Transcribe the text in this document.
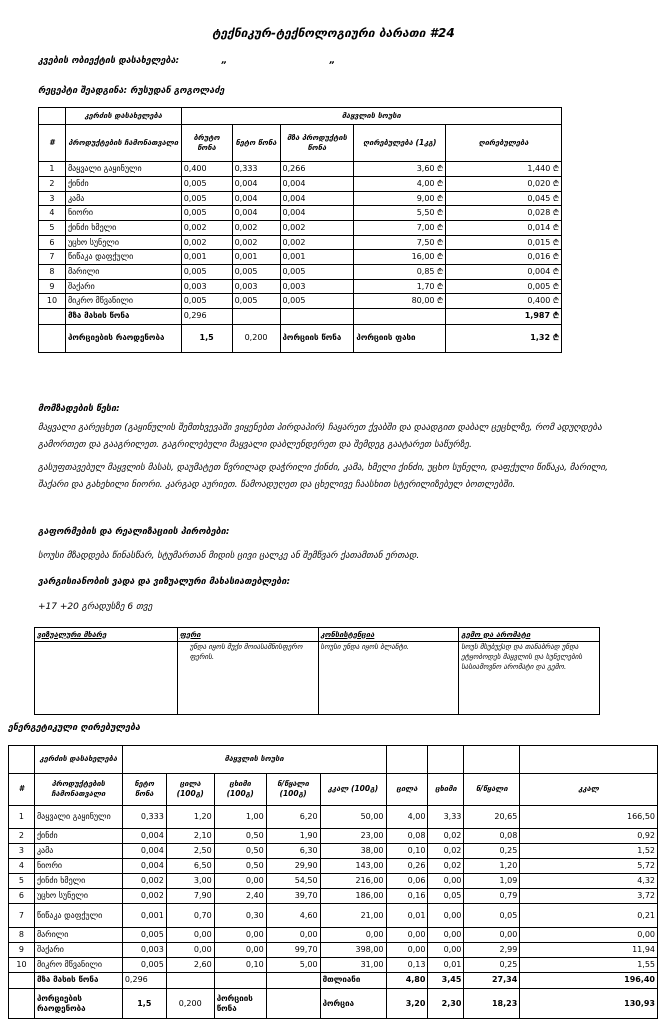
ტექნიკურ-ტექნოლოგიური ბარათი #24
კვების ობიექტის დასახელება:	„	„
რეცეპტი შეადგინა: რუსუდან გოგოლაძე
	კერძის დასახელება	მაყვლის სოუსი				
#	პროდუქტების ჩამონათვალი	ბრუტო წონა	ნეტო წონა	მზა პროდუქტის წონა	ღირებულება (1კგ)	ღირებულება
1	მაყვალი გაყინული	0,400	0,333	0,266	3,60 ₾	1,440 ₾
2	ქინძი	0,005	0,004	0,004	4,00 ₾	0,020 ₾
3	კამა	0,005	0,004	0,004	9,00 ₾	0,045 ₾
4	ნიორი	0,005	0,004	0,004	5,50 ₾	0,028 ₾
5	ქინძი ხმელი	0,002	0,002	0,002	7,00 ₾	0,014 ₾
6	უცხო სუნელი	0,002	0,002	0,002	7,50 ₾	0,015 ₾
7	წიწაკა დაფქული	0,001	0,001	0,001	16,00 ₾	0,016 ₾
8	მარილი	0,005	0,005	0,005	0,85 ₾	0,004 ₾
9	შაქარი	0,003	0,003	0,003	1,70 ₾	0,005 ₾
10	მიკრო მწვანილი	0,005	0,005	0,005	80,00 ₾	0,400 ₾
	მზა მასის წონა	0,296				1,987 ₾
	პორციების რაოდენობა	1,5	0,200	პორციის წონა	პორციის ფასი	1,32 ₾
მომზადების წესი:
მაყვალი გარეცხეთ (გაყინულის შემთხვევაში ვიყენებთ პირდაპირ) ჩაყარეთ ქვაბში და დაადგით დაბალ ცეცხლზე, რომ ადუღდება გამორთეთ და გააგრილეთ. გაგრილებული მაყვალი დაბლენდერეთ და შემდეგ გაატარეთ საწურზე.
გასუფთავებულ მაყვლის მასას, დაუმატეთ წვრილად დაჭრილი ქინძი, კამა, ხმელი ქინძი, უცხო სუნელი, დაფქული წიწაკა, მარილი, შაქარი და გახეხილი ნიორი. კარგად აურიეთ. წამოადუღეთ და ცხელივე ჩაასხით სტერილიზებულ ბოთლებში.
გაფორმების და რეალიზაციის პირობები:
სოუსი მზადდება წინასწარ, სტუმართან მიდის ცივი ცალკე ან შემწვარ ქათამთან ერთად.
ვარგისიანობის ვადა და ვიზუალური მახასიათებლები:
+17 +20 გრადუსზე 6 თვე
ვიზუალური მხარე	ფერი	კონსისტენცია	გემო და არომატი
	უნდა იყოს მუქი მოიასამნისფერო ფერის.	სოუსი უნდა იყოს ბლანტი.	სოუს მსუბუქად და თანაბრად უნდა ეტყობოდეს მაყვლის და სუნელების სასიამოვნო არომატი და გემო.
ენერგეტიკული ღირებულება
	კერძის დასახელება	მაყვლის სოუსი								
#	პროდუქტების ჩამონათვალი	ნეტო წონა	ცილა (100გ)	ცხიმი (100გ)	ნ/წყალი (100გ)	კკალ (100გ)	ცილა	ცხიმი	ნ/წყალი	კკალ
1	მაყვალი გაყინული	0,333	1,20	1,00	6,20	50,00	4,00	3,33	20,65	166,50
2	ქინძი	0,004	2,10	0,50	1,90	23,00	0,08	0,02	0,08	0,92
3	კამა	0,004	2,50	0,50	6,30	38,00	0,10	0,02	0,25	1,52
4	ნიორი	0,004	6,50	0,50	29,90	143,00	0,26	0,02	1,20	5,72
5	ქინძი ხმელი	0,002	3,00	0,00	54,50	216,00	0,06	0,00	1,09	4,32
6	უცხო სუნელი	0,002	7,90	2,40	39,70	186,00	0,16	0,05	0,79	3,72
7	წიწაკა დაფქული	0,001	0,70	0,30	4,60	21,00	0,01	0,00	0,05	0,21
8	მარილი	0,005	0,00	0,00	0,00	0,00	0,00	0,00	0,00	0,00
9	შაქარი	0,003	0,00	0,00	99,70	398,00	0,00	0,00	2,99	11,94
10	მიკრო მწვანილი	0,005	2,60	0,10	5,00	31,00	0,13	0,01	0,25	1,55
	მზა მასის წონა	0,296				მთლიანი	4,80	3,45	27,34	196,40
	პორციების რაოდენობა	1,5	0,200	პორციის წონა		პორცია	3,20	2,30	18,23	130,93
